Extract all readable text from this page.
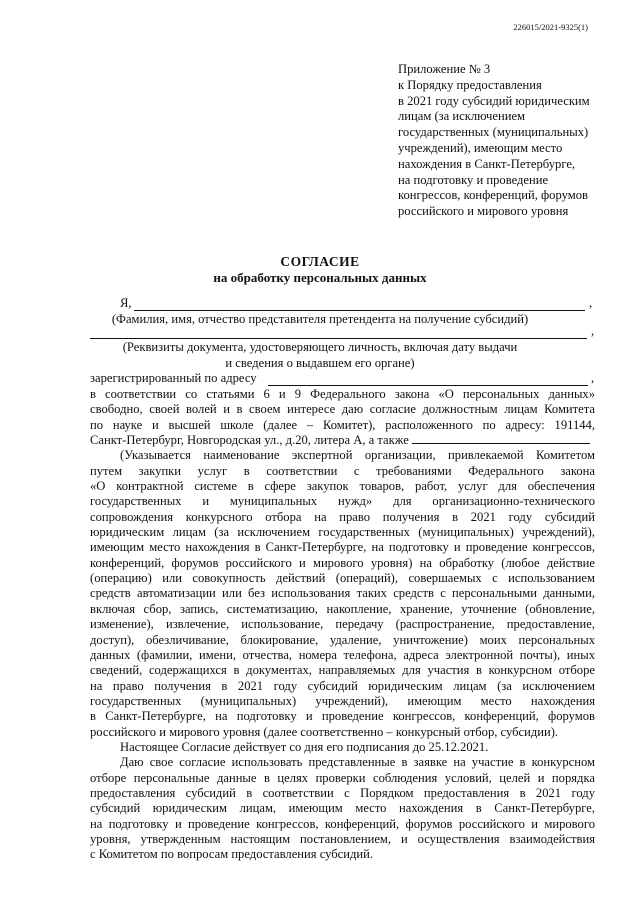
226015/2021-9325(1)
Приложение № 3
к Порядку предоставления
в 2021 году субсидий юридическим
лицам (за исключением
государственных (муниципальных)
учреждений), имеющим место
нахождения в Санкт-Петербурге,
на подготовку и проведение
конгрессов, конференций, форумов
российского и мирового уровня
СОГЛАСИЕ
на обработку персональных данных
Я,	,
(Фамилия, имя, отчество представителя претендента на получение субсидий)
,
(Реквизиты документа, удостоверяющего личность, включая дату выдачи
и сведения о выдавшем его органе)
зарегистрированный по адресу	,
в соответствии со статьями 6 и 9 Федерального закона «О персональных данных»
свободно, своей волей и в своем интересе даю согласие должностным лицам Комитета
по науке и высшей школе (далее – Комитет), расположенного по адресу: 191144,
Санкт-Петербург, Новгородская ул., д.20, литера А, а также
(Указывается наименование экспертной организации, привлекаемой Комитетом
путем закупки услуг в соответствии с требованиями Федерального закона
«О контрактной системе в сфере закупок товаров, работ, услуг для обеспечения
государственных и муниципальных нужд» для организационно-технического
сопровождения конкурсного отбора на право получения в 2021 году субсидий
юридическим лицам (за исключением государственных (муниципальных) учреждений),
имеющим место нахождения в Санкт-Петербурге, на подготовку и проведение конгрессов,
конференций, форумов российского и мирового уровня) на обработку (любое действие
(операцию) или совокупность действий (операций), совершаемых с использованием
средств автоматизации или без использования таких средств с персональными данными,
включая сбор, запись, систематизацию, накопление, хранение, уточнение (обновление,
изменение), извлечение, использование, передачу (распространение, предоставление,
доступ), обезличивание, блокирование, удаление, уничтожение) моих персональных
данных (фамилии, имени, отчества, номера телефона, адреса электронной почты), иных
сведений, содержащихся в документах, направляемых для участия в конкурсном отборе
на право получения в 2021 году субсидий юридическим лицам (за исключением
государственных (муниципальных) учреждений), имеющим место нахождения
в Санкт-Петербурге, на подготовку и проведение конгрессов, конференций, форумов
российского и мирового уровня (далее соответственно – конкурсный отбор, субсидии).
Настоящее Согласие действует со дня его подписания до 25.12.2021.
Даю свое согласие использовать представленные в заявке на участие в конкурсном
отборе персональные данные в целях проверки соблюдения условий, целей и порядка
предоставления субсидий в соответствии с Порядком предоставления в 2021 году
субсидий юридическим лицам, имеющим место нахождения в Санкт-Петербурге,
на подготовку и проведение конгрессов, конференций, форумов российского и мирового
уровня, утвержденным настоящим постановлением, и осуществления взаимодействия
с Комитетом по вопросам предоставления субсидий.
